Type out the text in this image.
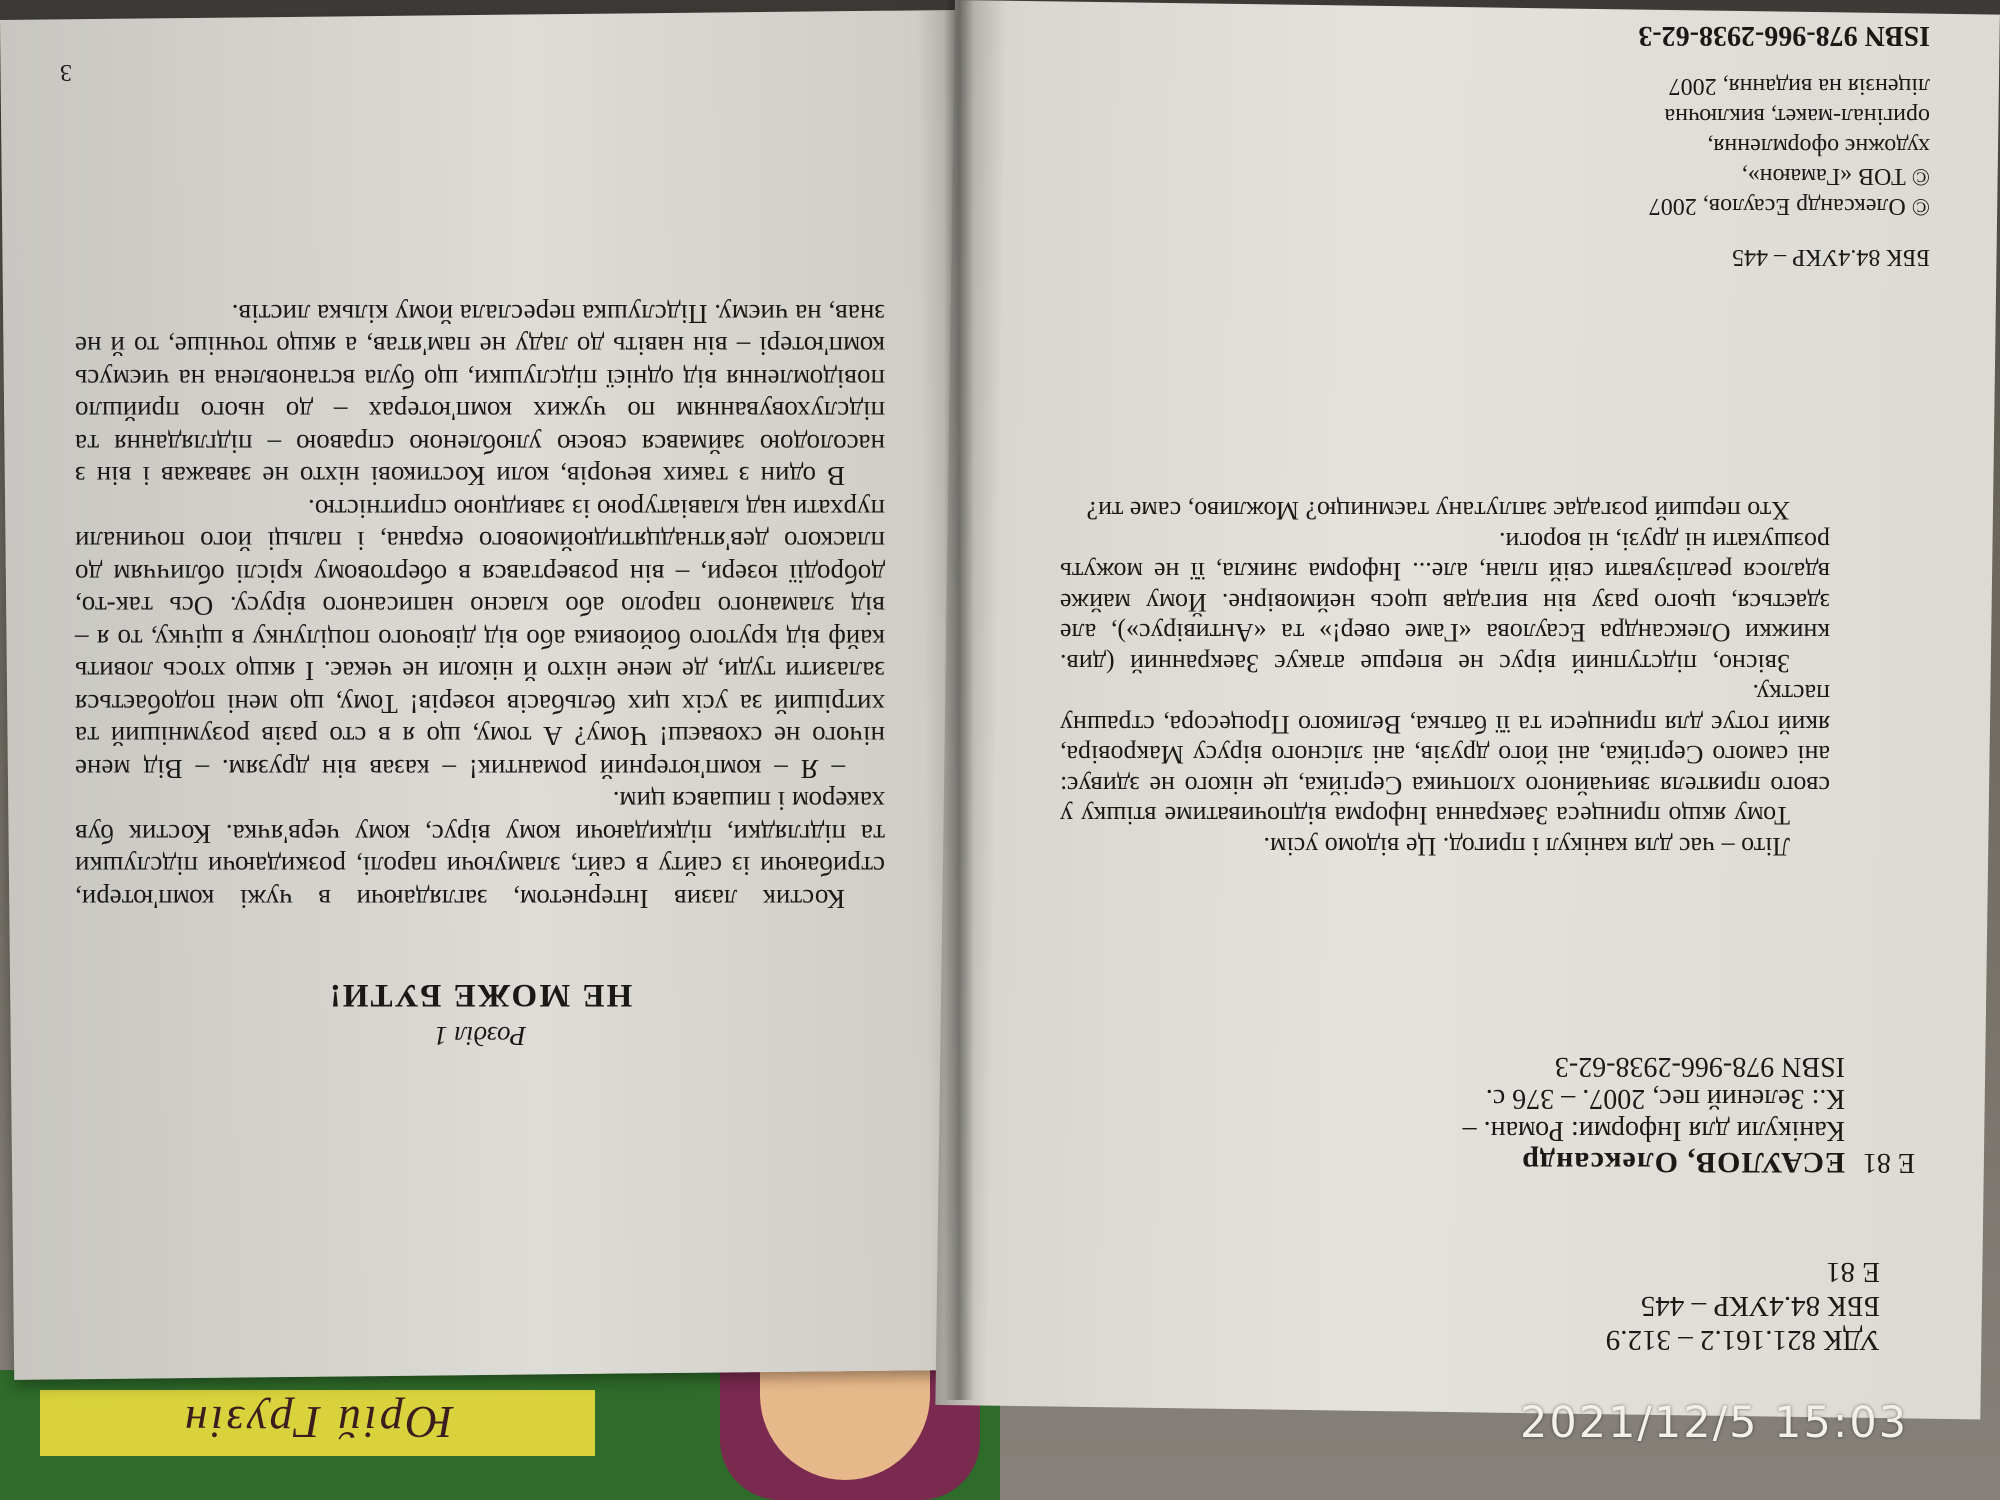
Юрій Грузін
Розділ 1
НЕ МОЖЕ БУТИ!

Костик лазив Інтернетом, заглядаючи в чужі комп'ютери, стрибаючи із сайту в сайт, зламуючи паролі, розкидаючи підслушки та підглядки, підкидаючи кому вірус, кому черв'ячка. Костик був хакером і пишався цим.

– Я – комп'ютерний романтик! – казав він друзям. – Від мене нічого не сховаєш! Чому? А тому, що я в сто разів розумніший та хитріший за усіх цих бельбасів юзерів! Тому, що мені подобається залазити туди, де мене ніхто й ніколи не чекає. І якщо хтось ловить кайф від крутого бойовика або від дівочого поцілунку в щічку, то я – від зламаного пароло або класно написаного вірусу. Ось так-то, добродії юзери, – він розвертався в обертовому кріслі обличчям до плаского дев'ятнадцятидюймового екрана, і пальці його починали пурхати над клавіатурою із завидною спритністю.

В один з таких вечорів, коли Костикові ніхто не заважав і він з насолодою займався своєю улюбленою справою – підглядання та підслуховуванням по чужих комп'ютерах – до нього прийшло повідомлення від однієї підслушки, що була встановлена на чиємусь комп'ютері – він навіть до ладу не пам'ятав, а якщо точніше, то й не знав, на чиєму. Підслушка переслала йому кілька листів.

3
ББК 84.4УКР – 445

© Олександр Есаулов, 2007

© ТОВ «Гамаюн»,

художнє оформлення,

оригінал-макет, виключна

ліцензія на видання, 2007

ISBN 978-966-2938-62-3

Літо – час для канікул і пригод. Це відомо усім.

Тому якщо принцеса Заекранна Інформа відпочиватиме втішку у свого приятеля звичайного хлопчика Сергійка, це нікого не здивує: ані самого Сергійка, ані його друзів, ані злісного вірусу Макровіра, який готує для принцеси та її батька, Великого Процесора, страшну пастку.

Звісно, підступний вірус не вперше атакує Заекранний (див. книжки Олександра Есаулова «Гаме овер!» та «Антивірус»), але здається, цього разу він вигадав щось неймовірне. Йому майже вдалося реалізувати свій план, але... Інформа зникла, її не можуть розшукати ні друзі, ні вороги.

Хто перший розгадає заплутану таємницю? Можливо, саме ти?

Е 81
ЕСАУЛОВ, Олександр
Канікули для Інформи: Роман. –
К.: Зелений пес, 2007. – 376 с.
ISBN 978-966-2938-62-3
УДК 821.161.2 – 312.9
ББК 84.4УКР – 445
Е 81
2021/12/5 15:03
